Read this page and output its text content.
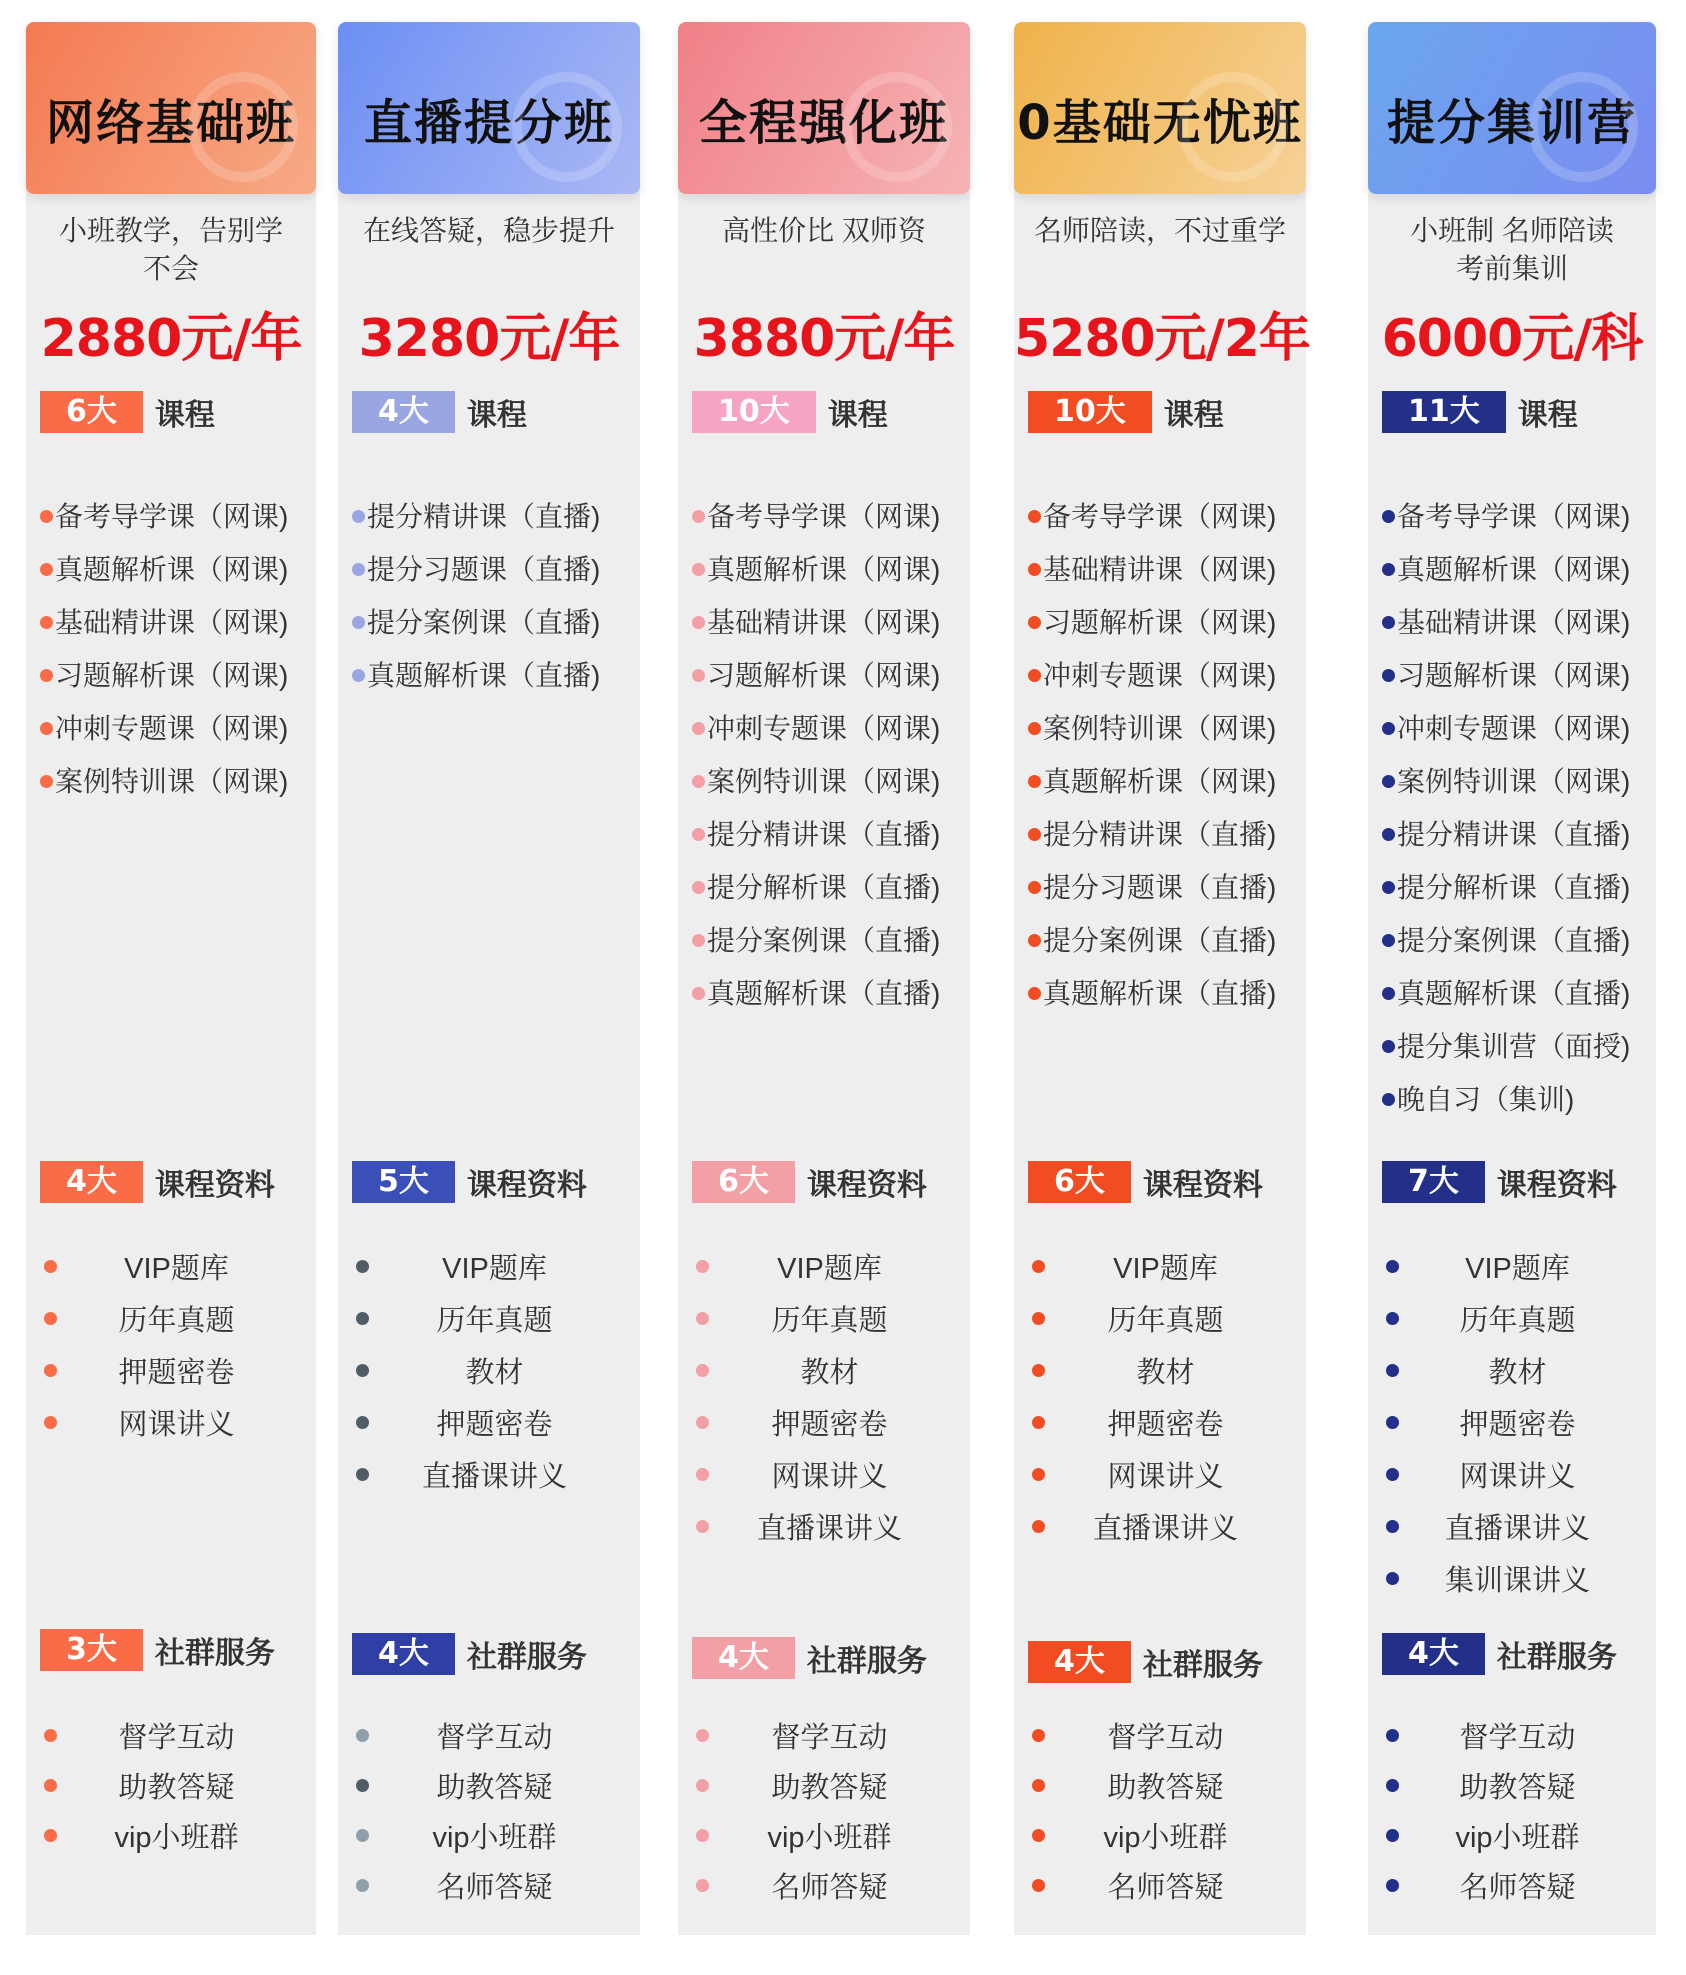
网络基础班
小班教学，告别学
不会
2880元/年
6大 课程
备考导学课（网课)
真题解析课（网课)
基础精讲课（网课)
习题解析课（网课)
冲刺专题课（网课)
案例特训课（网课)
4大 课程资料
VIP题库
历年真题
押题密卷
网课讲义
3大 社群服务
督学互动
助教答疑
vip小班群
直播提分班
在线答疑，稳步提升
3280元/年
4大 课程
提分精讲课（直播)
提分习题课（直播)
提分案例课（直播)
真题解析课（直播)
5大 课程资料
VIP题库
历年真题
教材
押题密卷
直播课讲义
4大 社群服务
督学互动
助教答疑
vip小班群
名师答疑
全程强化班
高性价比 双师资
3880元/年
10大 课程
备考导学课（网课)
真题解析课（网课)
基础精讲课（网课)
习题解析课（网课)
冲刺专题课（网课)
案例特训课（网课)
提分精讲课（直播)
提分解析课（直播)
提分案例课（直播)
真题解析课（直播)
6大 课程资料
VIP题库
历年真题
教材
押题密卷
网课讲义
直播课讲义
4大 社群服务
督学互动
助教答疑
vip小班群
名师答疑
0基础无忧班
名师陪读，不过重学
5280元/2年
10大 课程
备考导学课（网课)
基础精讲课（网课)
习题解析课（网课)
冲刺专题课（网课)
案例特训课（网课)
真题解析课（网课)
提分精讲课（直播)
提分习题课（直播)
提分案例课（直播)
真题解析课（直播)
6大 课程资料
VIP题库
历年真题
教材
押题密卷
网课讲义
直播课讲义
4大 社群服务
督学互动
助教答疑
vip小班群
名师答疑
提分集训营
小班制 名师陪读
考前集训
6000元/科
11大 课程
备考导学课（网课)
真题解析课（网课)
基础精讲课（网课)
习题解析课（网课)
冲刺专题课（网课)
案例特训课（网课)
提分精讲课（直播)
提分解析课（直播)
提分案例课（直播)
真题解析课（直播)
提分集训营（面授)
晚自习（集训)
7大 课程资料
VIP题库
历年真题
教材
押题密卷
网课讲义
直播课讲义
集训课讲义
4大 社群服务
督学互动
助教答疑
vip小班群
名师答疑
